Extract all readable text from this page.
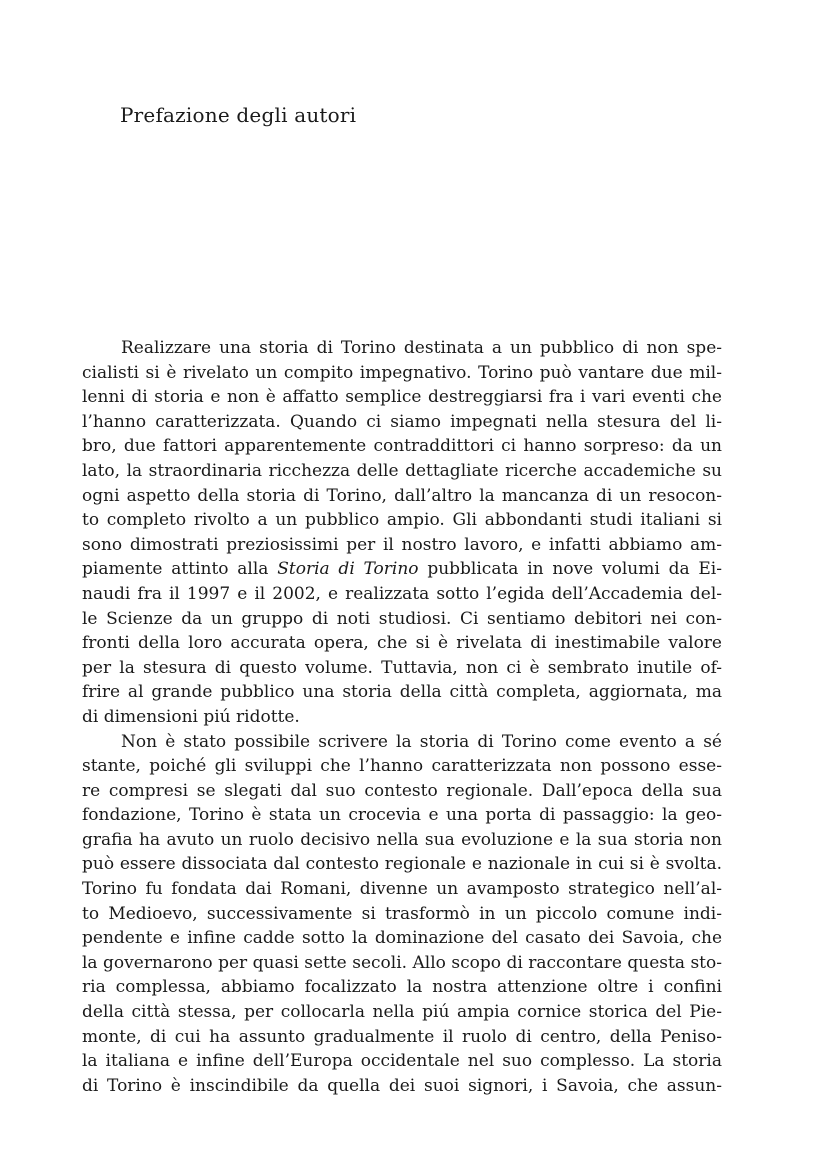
Prefazione degli autori
Realizzare una storia di Torino destinata a un pubblico di non spe-
cialisti si è rivelato un compito impegnativo. Torino può vantare due mil-
lenni di storia e non è affatto semplice destreggiarsi fra i vari eventi che
l’hanno caratterizzata. Quando ci siamo impegnati nella stesura del li-
bro, due fattori apparentemente contraddittori ci hanno sorpreso: da un
lato, la straordinaria ricchezza delle dettagliate ricerche accademiche su
ogni aspetto della storia di Torino, dall’altro la mancanza di un resocon-
to completo rivolto a un pubblico ampio. Gli abbondanti studi italiani si
sono dimostrati preziosissimi per il nostro lavoro, e infatti abbiamo am-
piamente attinto alla Storia di Torino pubblicata in nove volumi da Ei-
naudi fra il 1997 e il 2002, e realizzata sotto l’egida dell’Accademia del-
le Scienze da un gruppo di noti studiosi. Ci sentiamo debitori nei con-
fronti della loro accurata opera, che si è rivelata di inestimabile valore
per la stesura di questo volume. Tuttavia, non ci è sembrato inutile of-
frire al grande pubblico una storia della città completa, aggiornata, ma
di dimensioni piú ridotte.
Non è stato possibile scrivere la storia di Torino come evento a sé
stante, poiché gli sviluppi che l’hanno caratterizzata non possono esse-
re compresi se slegati dal suo contesto regionale. Dall’epoca della sua
fondazione, Torino è stata un crocevia e una porta di passaggio: la geo-
grafia ha avuto un ruolo decisivo nella sua evoluzione e la sua storia non
può essere dissociata dal contesto regionale e nazionale in cui si è svolta.
Torino fu fondata dai Romani, divenne un avamposto strategico nell’al-
to Medioevo, successivamente si trasformò in un piccolo comune indi-
pendente e infine cadde sotto la dominazione del casato dei Savoia, che
la governarono per quasi sette secoli. Allo scopo di raccontare questa sto-
ria complessa, abbiamo focalizzato la nostra attenzione oltre i confini
della città stessa, per collocarla nella piú ampia cornice storica del Pie-
monte, di cui ha assunto gradualmente il ruolo di centro, della Peniso-
la italiana e infine dell’Europa occidentale nel suo complesso. La storia
di Torino è inscindibile da quella dei suoi signori, i Savoia, che assun-
